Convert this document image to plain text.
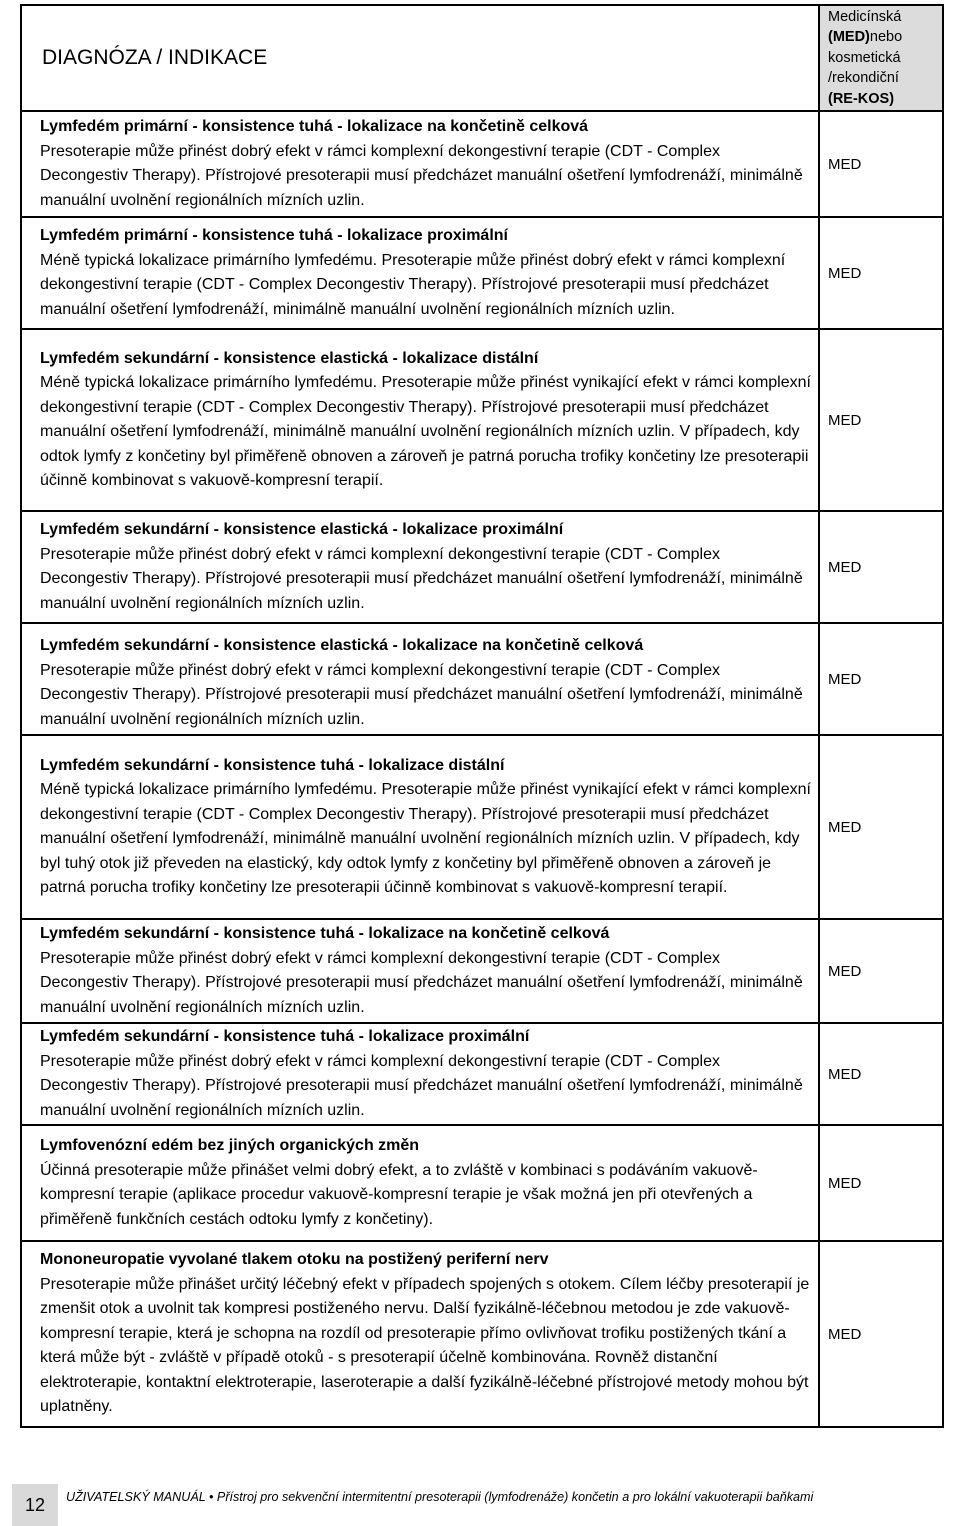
DIAGNÓZA / INDIKACE	Medicínská
(MED)nebo
kosmetická
/rekondiční
(RE-KOS)

Lymfedém primární - konsistence tuhá - lokalizace na končetině celková
Presoterapie může přinést dobrý efekt v rámci komplexní dekongestivní terapie (CDT - Complex Decongestiv Therapy). Přístrojové presoterapii musí předcházet manuální ošetření lymfodrenáží, minimálně manuální uvolnění regionálních mízních uzlin.	MED

Lymfedém primární - konsistence tuhá - lokalizace proximální
Méně typická lokalizace primárního lymfedému. Presoterapie může přinést dobrý efekt v rámci komplexní dekongestivní terapie (CDT - Complex Decongestiv Therapy). Přístrojové presoterapii musí předcházet manuální ošetření lymfodrenáží, minimálně manuální uvolnění regionálních mízních uzlin.	MED

Lymfedém sekundární - konsistence elastická - lokalizace distální
Méně typická lokalizace primárního lymfedému. Presoterapie může přinést vynikající efekt v rámci komplexní dekongestivní terapie (CDT - Complex Decongestiv Therapy). Přístrojové presoterapii musí předcházet manuální ošetření lymfodrenáží, minimálně manuální uvolnění regionálních mízních uzlin. V případech, kdy odtok lymfy z končetiny byl přiměřeně obnoven a zároveň je patrná porucha trofiky končetiny lze presoterapii účinně kombinovat s vakuově-kompresní terapií.	MED

Lymfedém sekundární - konsistence elastická - lokalizace proximální
Presoterapie může přinést dobrý efekt v rámci komplexní dekongestivní terapie (CDT - Complex Decongestiv Therapy). Přístrojové presoterapii musí předcházet manuální ošetření lymfodrenáží, minimálně manuální uvolnění regionálních mízních uzlin.	MED

Lymfedém sekundární - konsistence elastická - lokalizace na končetině celková
Presoterapie může přinést dobrý efekt v rámci komplexní dekongestivní terapie (CDT - Complex Decongestiv Therapy). Přístrojové presoterapii musí předcházet manuální ošetření lymfodrenáží, minimálně manuální uvolnění regionálních mízních uzlin.	MED

Lymfedém sekundární - konsistence tuhá - lokalizace distální
Méně typická lokalizace primárního lymfedému. Presoterapie může přinést vynikající efekt v rámci komplexní dekongestivní terapie (CDT - Complex Decongestiv Therapy). Přístrojové presoterapii musí předcházet manuální ošetření lymfodrenáží, minimálně manuální uvolnění regionálních mízních uzlin. V případech, kdy byl tuhý otok již převeden na elastický, kdy odtok lymfy z končetiny byl přiměřeně obnoven a zároveň je patrná porucha trofiky končetiny lze presoterapii účinně kombinovat s vakuově-kompresní terapií.	MED

Lymfedém sekundární - konsistence tuhá - lokalizace na končetině celková
Presoterapie může přinést dobrý efekt v rámci komplexní dekongestivní terapie (CDT - Complex Decongestiv Therapy). Přístrojové presoterapii musí předcházet manuální ošetření lymfodrenáží, minimálně manuální uvolnění regionálních mízních uzlin.	MED

Lymfedém sekundární - konsistence tuhá - lokalizace proximální
Presoterapie může přinést dobrý efekt v rámci komplexní dekongestivní terapie (CDT - Complex Decongestiv Therapy). Přístrojové presoterapii musí předcházet manuální ošetření lymfodrenáží, minimálně manuální uvolnění regionálních mízních uzlin.	MED

Lymfovenózní edém bez jiných organických změn
Účinná presoterapie může přinášet velmi dobrý efekt, a to zvláště v kombinaci s podáváním vakuově-kompresní terapie (aplikace procedur vakuově-kompresní terapie je však možná jen při otevřených a přiměřeně funkčních cestách odtoku lymfy z končetiny).	MED

Mononeuropatie vyvolané tlakem otoku na postižený periferní nerv
Presoterapie může přinášet určitý léčebný efekt v případech spojených s otokem. Cílem léčby presoterapií je zmenšit otok a uvolnit tak kompresi postiženého nervu. Další fyzikálně-léčebnou metodou je zde vakuově-kompresní terapie, která je schopna na rozdíl od presoterapie přímo ovlivňovat trofiku postižených tkání a která může být - zvláště v případě otoků - s presoterapií účelně kombinována. Rovněž distanční elektroterapie, kontaktní elektroterapie, laseroterapie a další fyzikálně-léčebné přístrojové metody mohou být uplatněny.	MED
12	UŽIVATELSKÝ MANUÁL • Přístroj pro sekvenční intermitentní presoterapii (lymfodrenáže) končetin a pro lokální vakuoterapii baňkami
